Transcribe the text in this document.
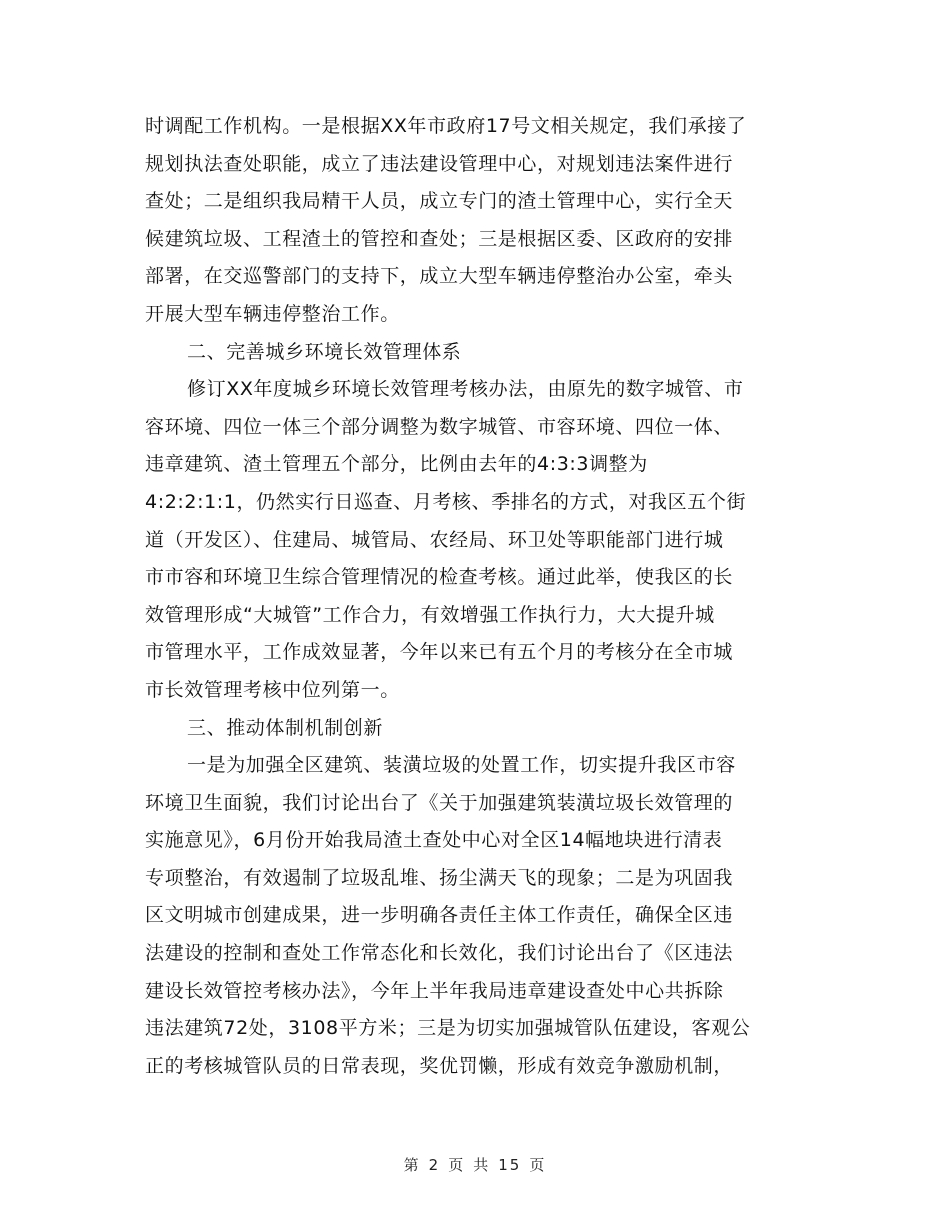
时调配工作机构。一是根据XX年市政府17号文相关规定，我们承接了
规划执法查处职能，成立了违法建设管理中心，对规划违法案件进行
查处；二是组织我局精干人员，成立专门的渣土管理中心，实行全天
候建筑垃圾、工程渣土的管控和查处；三是根据区委、区政府的安排
部署，在交巡警部门的支持下，成立大型车辆违停整治办公室，牵头
开展大型车辆违停整治工作。
二、完善城乡环境长效管理体系
修订XX年度城乡环境长效管理考核办法，由原先的数字城管、市
容环境、四位一体三个部分调整为数字城管、市容环境、四位一体、
违章建筑、渣土管理五个部分，比例由去年的4:3:3调整为
4:2:2:1:1，仍然实行日巡查、月考核、季排名的方式，对我区五个街
道（开发区）、住建局、城管局、农经局、环卫处等职能部门进行城
市市容和环境卫生综合管理情况的检查考核。通过此举，使我区的长
效管理形成“大城管”工作合力，有效增强工作执行力，大大提升城
市管理水平，工作成效显著，今年以来已有五个月的考核分在全市城
市长效管理考核中位列第一。
三、推动体制机制创新
一是为加强全区建筑、装潢垃圾的处置工作，切实提升我区市容
环境卫生面貌，我们讨论出台了《关于加强建筑装潢垃圾长效管理的
实施意见》，6月份开始我局渣土查处中心对全区14幅地块进行清表
专项整治，有效遏制了垃圾乱堆、扬尘满天飞的现象；二是为巩固我
区文明城市创建成果，进一步明确各责任主体工作责任，确保全区违
法建设的控制和查处工作常态化和长效化，我们讨论出台了《区违法
建设长效管控考核办法》，今年上半年我局违章建设查处中心共拆除
违法建筑72处，3108平方米；三是为切实加强城管队伍建设，客观公
正的考核城管队员的日常表现，奖优罚懒，形成有效竞争激励机制，
第 2 页 共 15 页
